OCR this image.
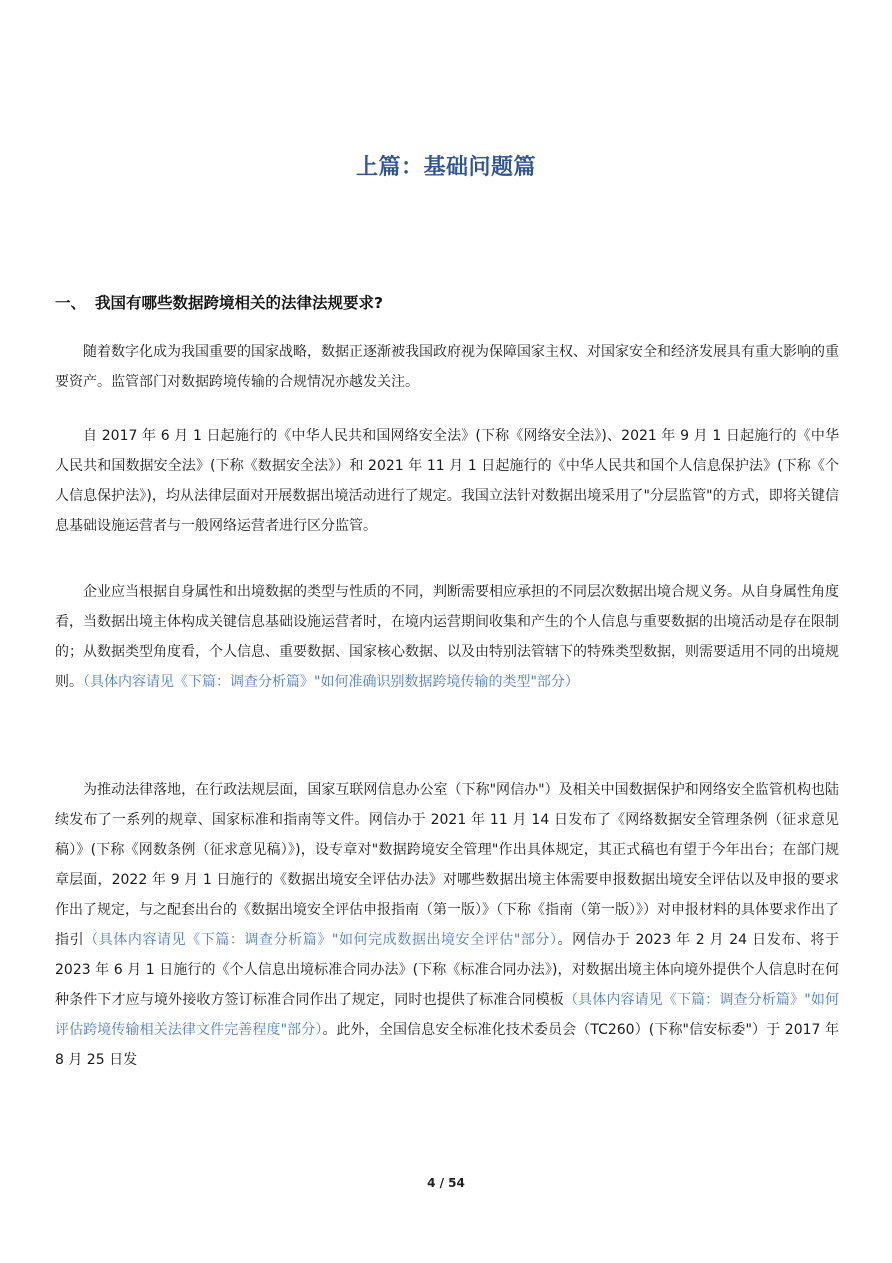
上篇：基础问题篇
一、 我国有哪些数据跨境相关的法律法规要求?

随着数字化成为我国重要的国家战略，数据正逐渐被我国政府视为保障国家主权、对国家安全和经济发展具有重大影响的重要资产。监管部门对数据跨境传输的合规情况亦越发关注。

自 2017 年 6 月 1 日起施行的《中华人民共和国网络安全法》(下称《网络安全法》)、2021 年 9 月 1 日起施行的《中华人民共和国数据安全法》(下称《数据安全法》）和 2021 年 11 月 1 日起施行的《中华人民共和国个人信息保护法》(下称《个人信息保护法》)，均从法律层面对开展数据出境活动进行了规定。我国立法针对数据出境采用了"分层监管"的方式，即将关键信息基础设施运营者与一般网络运营者进行区分监管。

企业应当根据自身属性和出境数据的类型与性质的不同，判断需要相应承担的不同层次数据出境合规义务。从自身属性角度看，当数据出境主体构成关键信息基础设施运营者时，在境内运营期间收集和产生的个人信息与重要数据的出境活动是存在限制的；从数据类型角度看，个人信息、重要数据、国家核心数据、以及由特别法管辖下的特殊类型数据，则需要适用不同的出境规则。（具体内容请见《下篇：调查分析篇》"如何准确识别数据跨境传输的类型"部分）

为推动法律落地，在行政法规层面，国家互联网信息办公室（下称"网信办"）及相关中国数据保护和网络安全监管机构也陆续发布了一系列的规章、国家标准和指南等文件。网信办于 2021 年 11 月 14 日发布了《网络数据安全管理条例（征求意见稿）》(下称《网数条例（征求意见稿）》)，设专章对"数据跨境安全管理"作出具体规定，其正式稿也有望于今年出台；在部门规章层面，2022 年 9 月 1 日施行的《数据出境安全评估办法》对哪些数据出境主体需要申报数据出境安全评估以及申报的要求作出了规定，与之配套出台的《数据出境安全评估申报指南（第一版）》（下称《指南（第一版）》）对申报材料的具体要求作出了指引（具体内容请见《下篇：调查分析篇》"如何完成数据出境安全评估"部分）。网信办于 2023 年 2 月 24 日发布、将于 2023 年 6 月 1 日施行的《个人信息出境标准合同办法》(下称《标准合同办法》)，对数据出境主体向境外提供个人信息时在何种条件下才应与境外接收方签订标准合同作出了规定，同时也提供了标准合同模板（具体内容请见《下篇：调查分析篇》"如何评估跨境传输相关法律文件完善程度"部分）。此外，全国信息安全标准化技术委员会（TC260）(下称"信安标委"）于 2017 年 8 月 25 日发

4 / 54
